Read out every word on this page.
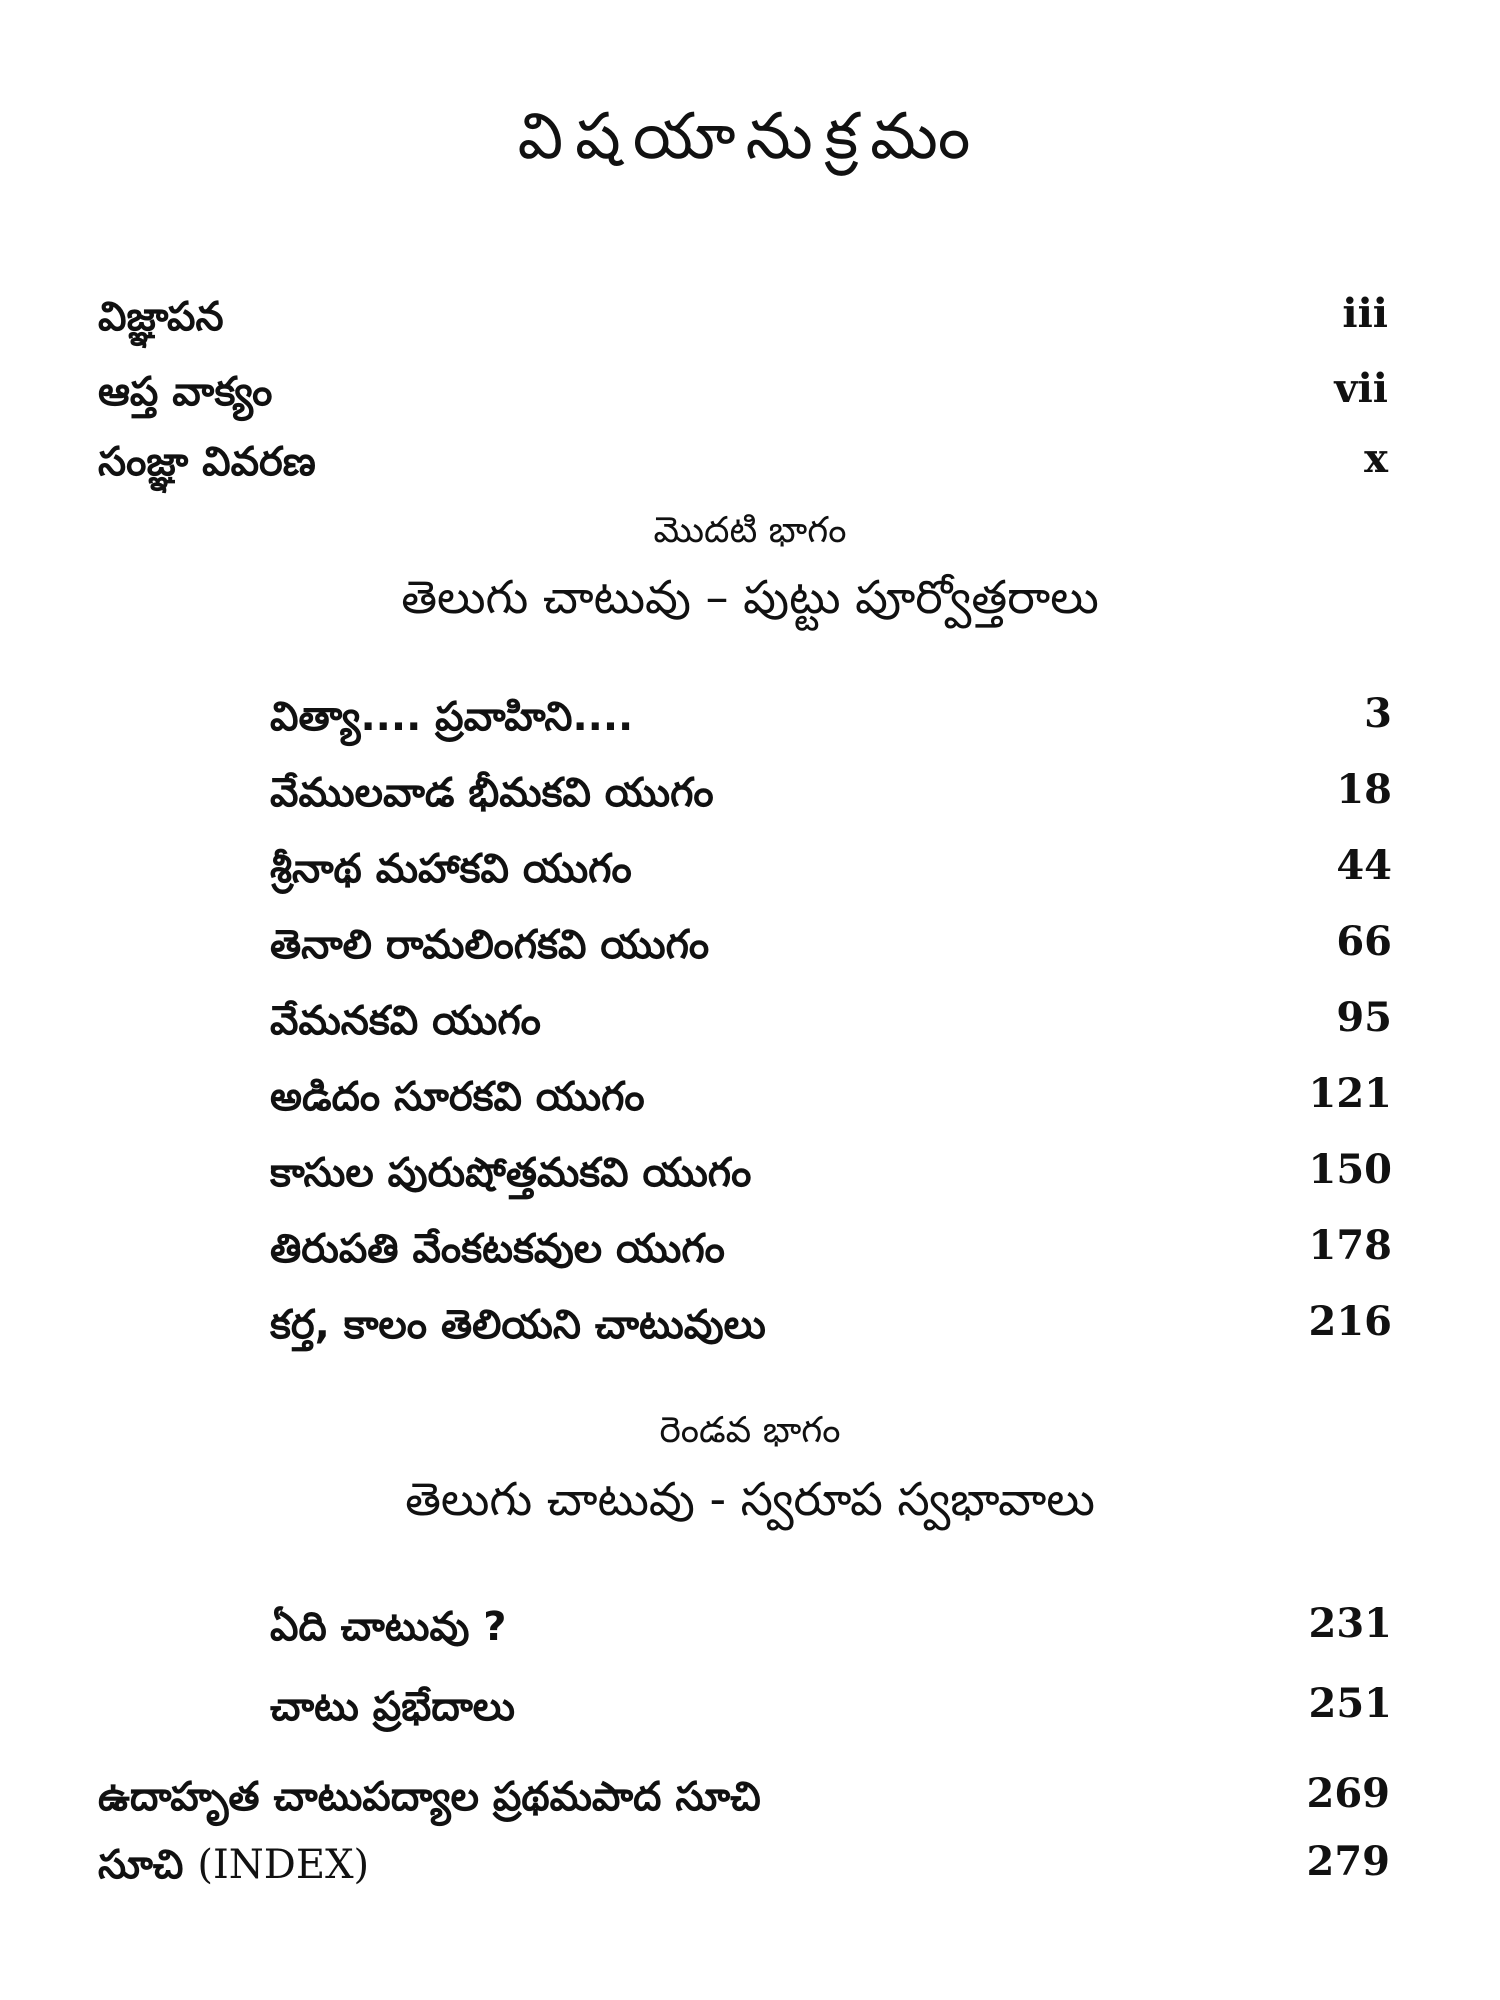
విషయానుక్రమం
విజ్ఞాపన	iii
ఆప్త వాక్యం	vii
సంజ్ఞా వివరణ	x
మొదటి భాగం
తెలుగు చాటువు – పుట్టు పూర్వోత్తరాలు
విత్యా.... ప్రవాహిని....	3
వేములవాడ భీమకవి యుగం	18
శ్రీనాథ మహాకవి యుగం	44
తెనాలి రామలింగకవి యుగం	66
వేమనకవి యుగం	95
అడిదం సూరకవి యుగం	121
కాసుల పురుషోత్తమకవి యుగం	150
తిరుపతి వేంకటకవుల యుగం	178
కర్త, కాలం తెలియని చాటువులు	216
రెండవ భాగం
తెలుగు చాటువు - స్వరూప స్వభావాలు
ఏది చాటువు ?	231
చాటు ప్రభేదాలు	251
ఉదాహృత చాటుపద్యాల ప్రథమపాద సూచి	269
సూచి (INDEX)	279
